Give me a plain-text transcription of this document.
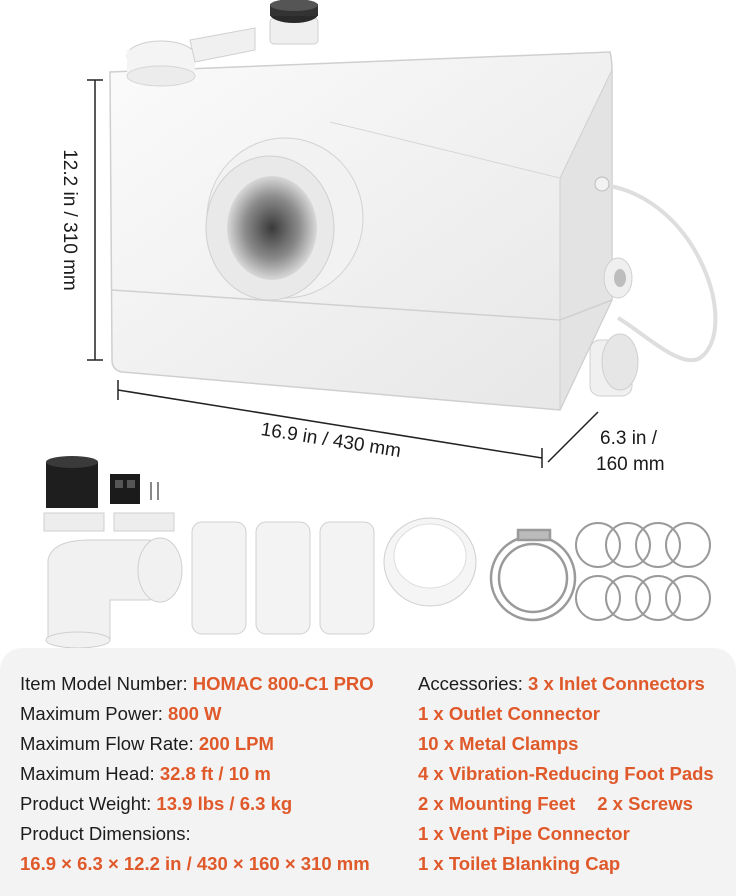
12.2 in / 310 mm
16.9 in / 430 mm	6.3 in /
160 mm
Item Model Number: HOMAC 800-C1 PRO
Maximum Power: 800 W
Maximum Flow Rate: 200 LPM
Maximum Head: 32.8 ft / 10 m
Product Weight: 13.9 lbs / 6.3 kg
Product Dimensions:
16.9 × 6.3 × 12.2 in / 430 × 160 × 310 mm
Accessories: 3 x Inlet Connectors
1 x Outlet Connector
10 x Metal Clamps
4 x Vibration-Reducing Foot Pads
2 x Mounting Feet 2 x Screws
1 x Vent Pipe Connector
1 x Toilet Blanking Cap
